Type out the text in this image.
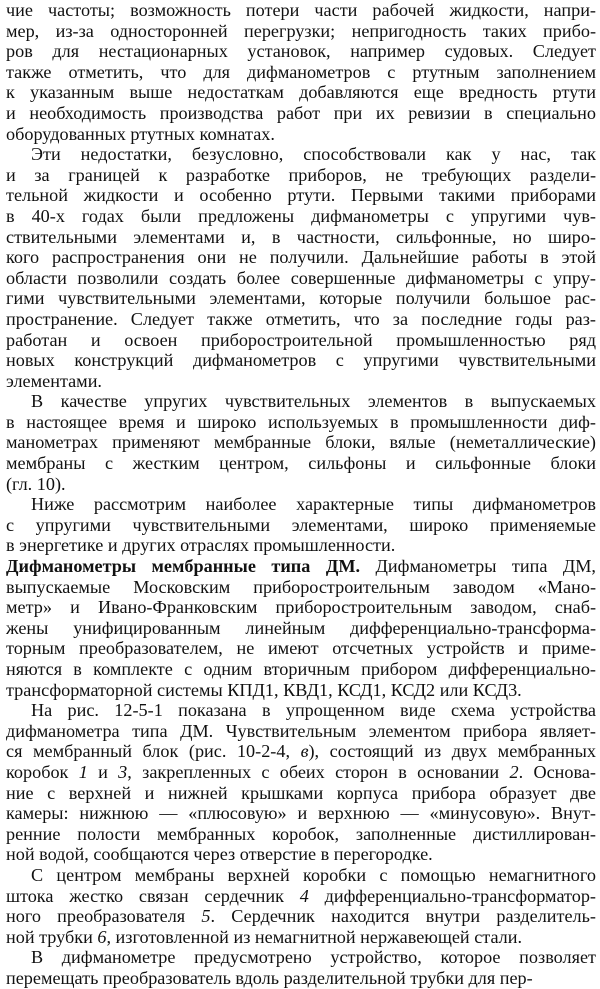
чие частоты; возможность потери части рабочей жидкости, напри-
мер, из-за односторонней перегрузки; непригодность таких прибо-
ров для нестационарных установок, например судовых. Следует
также отметить, что для дифманометров с ртутным заполнением
к указанным выше недостаткам добавляются еще вредность ртути
и необходимость производства работ при их ревизии в специально
оборудованных ртутных комнатах.

Эти недостатки, безусловно, способствовали как у нас, так
и за границей к разработке приборов, не требующих раздели-
тельной жидкости и особенно ртути. Первыми такими приборами
в 40-х годах были предложены дифманометры с упругими чув-
ствительными элементами и, в частности, сильфонные, но широ-
кого распространения они не получили. Дальнейшие работы в этой
области позволили создать более совершенные дифманометры с упру-
гими чувствительными элементами, которые получили большое рас-
пространение. Следует также отметить, что за последние годы раз-
работан и освоен приборостроительной промышленностью ряд
новых конструкций дифманометров с упругими чувствительными
элементами.

В качестве упругих чувствительных элементов в выпускаемых
в настоящее время и широко используемых в промышленности диф-
манометрах применяют мембранные блоки, вялые (неметаллические)
мембраны с жестким центром, сильфоны и сильфонные блоки
(гл. 10).

Ниже рассмотрим наиболее характерные типы дифманометров
с упругими чувствительными элементами, широко применяемые
в энергетике и других отраслях промышленности.

Дифманометры мембранные типа ДМ. Дифманометры типа ДМ,
выпускаемые Московским приборостроительным заводом «Мано-
метр» и Ивано-Франковским приборостроительным заводом, снаб-
жены унифицированным линейным дифференциально-трансформа-
торным преобразователем, не имеют отсчетных устройств и приме-
няются в комплекте с одним вторичным прибором дифференциально-
трансформаторной системы КПД1, КВД1, КСД1, КСД2 или КСД3.

На рис. 12-5-1 показана в упрощенном виде схема устройства
дифманометра типа ДМ. Чувствительным элементом прибора являет-
ся мембранный блок (рис. 10-2-4, в), состоящий из двух мембранных
коробок 1 и 3, закрепленных с обеих сторон в основании 2. Основа-
ние с верхней и нижней крышками корпуса прибора образует две
камеры: нижнюю — «плюсовую» и верхнюю — «минусовую». Внут-
ренние полости мембранных коробок, заполненные дистиллирован-
ной водой, сообщаются через отверстие в перегородке.

С центром мембраны верхней коробки с помощью немагнитного
штока жестко связан сердечник 4 дифференциально-трансформатор-
ного преобразователя 5. Сердечник находится внутри разделитель-
ной трубки 6, изготовленной из немагнитной нержавеющей стали.

В дифманометре предусмотрено устройство, которое позволяет
перемещать преобразователь вдоль разделительной трубки для пер-
